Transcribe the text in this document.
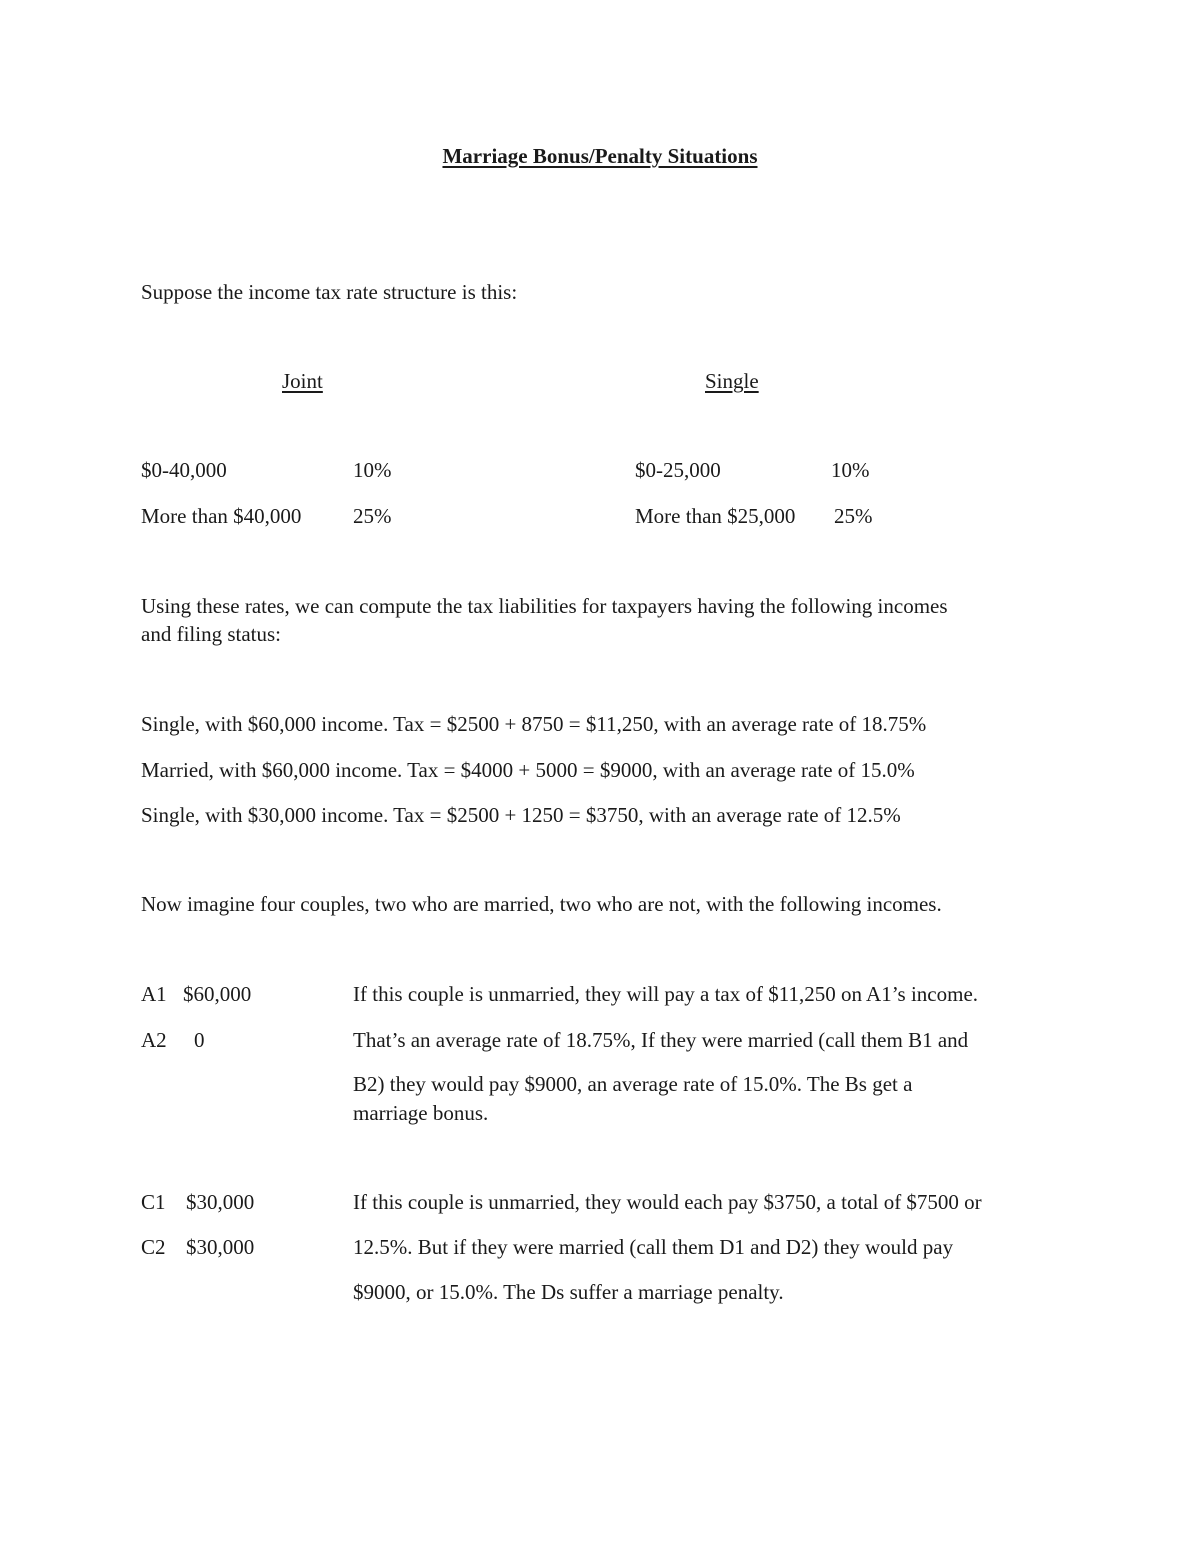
Marriage Bonus/Penalty Situations
Suppose the income tax rate structure is this:
Joint	Single
$0-40,000	10%	$0-25,000	10%
More than $40,000 25%	More than $25,000 25%
Using these rates, we can compute the tax liabilities for taxpayers having the following incomes
and filing status:
Single, with $60,000 income. Tax = $2500 + 8750 = $11,250, with an average rate of 18.75%
Married, with $60,000 income. Tax = $4000 + 5000 = $9000, with an average rate of 15.0%
Single, with $30,000 income. Tax = $2500 + 1250 = $3750, with an average rate of 12.5%
Now imagine four couples, two who are married, two who are not, with the following incomes.
A1 $60,000
A2 0
If this couple is unmarried, they will pay a tax of $11,250 on A1’s income.
That’s an average rate of 18.75%, If they were married (call them B1 and
B2) they would pay $9000, an average rate of 15.0%. The Bs get a
marriage bonus.
C1 $30,000
C2 $30,000
If this couple is unmarried, they would each pay $3750, a total of $7500 or
12.5%. But if they were married (call them D1 and D2) they would pay
$9000, or 15.0%. The Ds suffer a marriage penalty.
